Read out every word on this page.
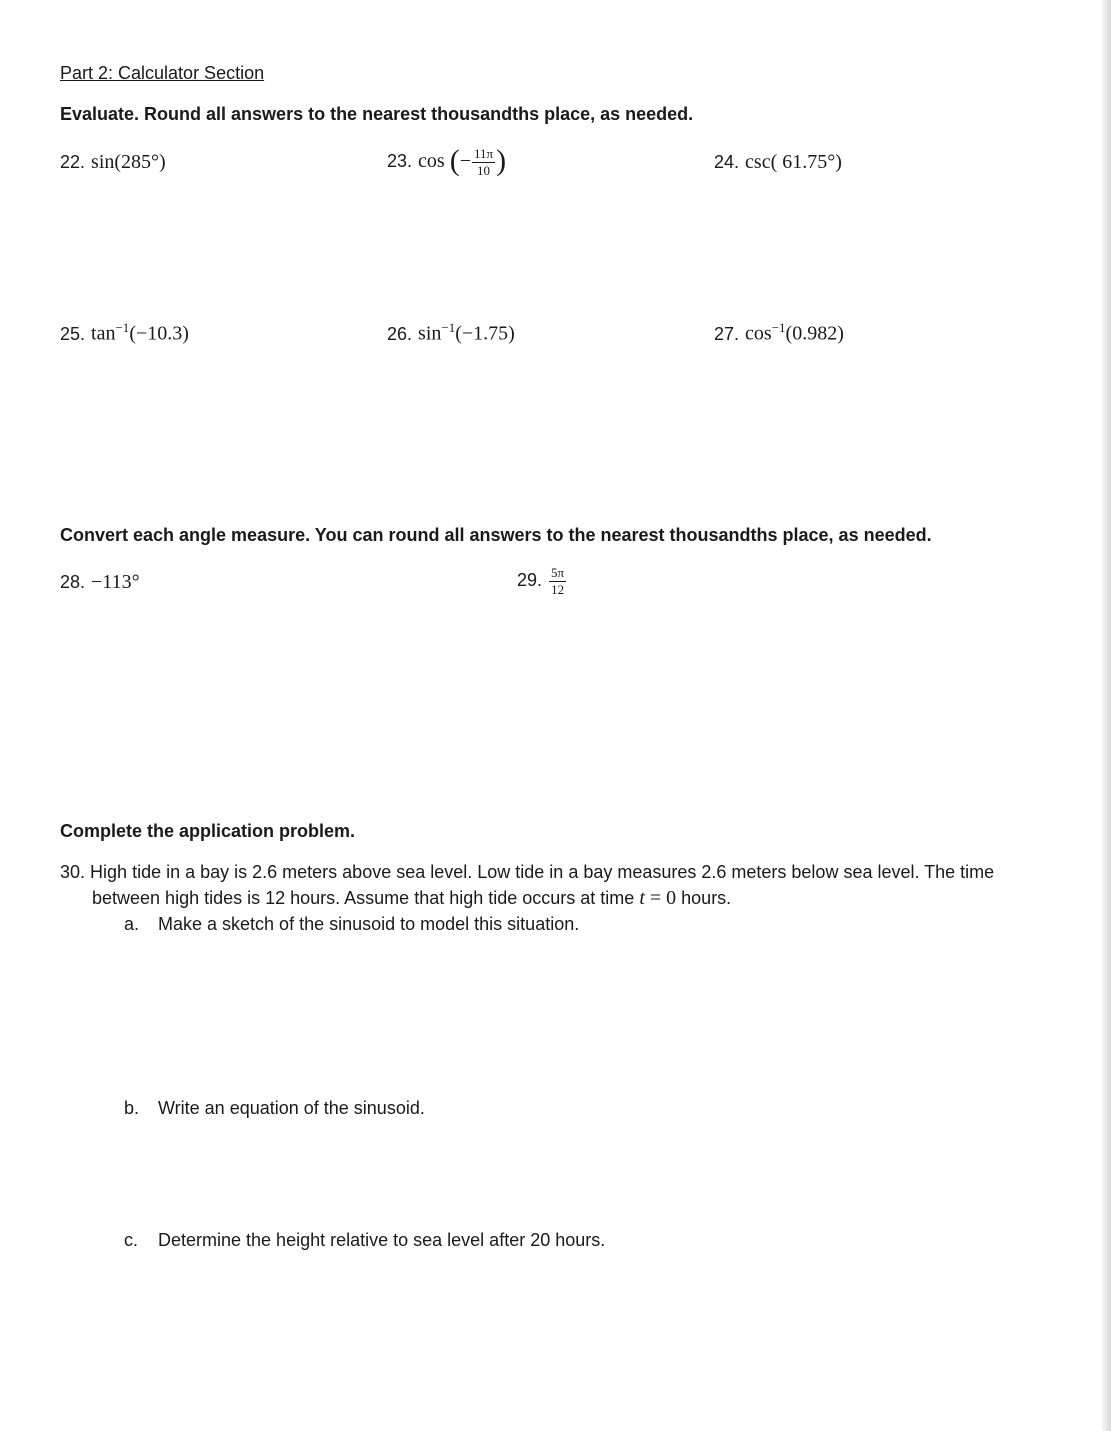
Part 2: Calculator Section
Evaluate. Round all answers to the nearest thousandths place, as needed.
22. sin(285°)	23. cos (− $\frac{11\pi}{10}$ )	24. csc( 61.75°)
25. $\tan^{-1}(-10.3)$	26. $\sin^{-1}(-1.75)$	27. $\cos^{-1}(0.982)$
Convert each angle measure. You can round all answers to the nearest thousandths place, as needed.
28. −113°	29. $\frac{5\pi}{12}$
Complete the application problem.
30. High tide in a bay is 2.6 meters above sea level. Low tide in a bay measures 2.6 meters below sea level. The time
between high tides is 12 hours. Assume that high tide occurs at time t = 0 hours.
a. Make a sketch of the sinusoid to model this situation.
b. Write an equation of the sinusoid.
c. Determine the height relative to sea level after 20 hours.
